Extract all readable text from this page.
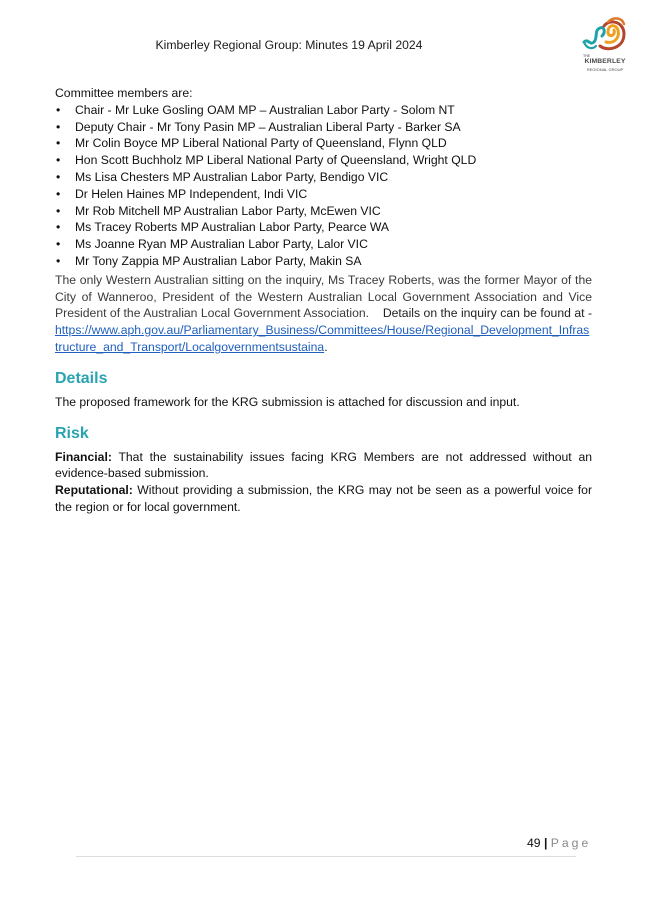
Kimberley Regional Group: Minutes 19 April 2024
THE
KIMBERLEY
REGIONAL GROUP

Committee members are:

• Chair - Mr Luke Gosling OAM MP – Australian Labor Party - Solom NT
• Deputy Chair - Mr Tony Pasin MP – Australian Liberal Party - Barker SA
• Mr Colin Boyce MP Liberal National Party of Queensland, Flynn QLD
• Hon Scott Buchholz MP Liberal National Party of Queensland, Wright QLD
• Ms Lisa Chesters MP Australian Labor Party, Bendigo VIC
• Dr Helen Haines MP Independent, Indi VIC
• Mr Rob Mitchell MP Australian Labor Party, McEwen VIC
• Ms Tracey Roberts MP Australian Labor Party, Pearce WA
• Ms Joanne Ryan MP Australian Labor Party, Lalor VIC
• Mr Tony Zappia MP Australian Labor Party, Makin SA

The only Western Australian sitting on the inquiry, Ms Tracey Roberts, was the former Mayor of the City of Wanneroo, President of the Western Australian Local Government Association and Vice President of the Australian Local Government Association. Details on the inquiry can be found at - https://www.aph.gov.au/Parliamentary_Business/Committees/House/Regional_Development_Infrastructure_and_Transport/Localgovernmentsustaina.

Details

The proposed framework for the KRG submission is attached for discussion and input.

Risk

Financial: That the sustainability issues facing KRG Members are not addressed without an evidence-based submission.

Reputational: Without providing a submission, the KRG may not be seen as a powerful voice for the region or for local government.

49 | Page
